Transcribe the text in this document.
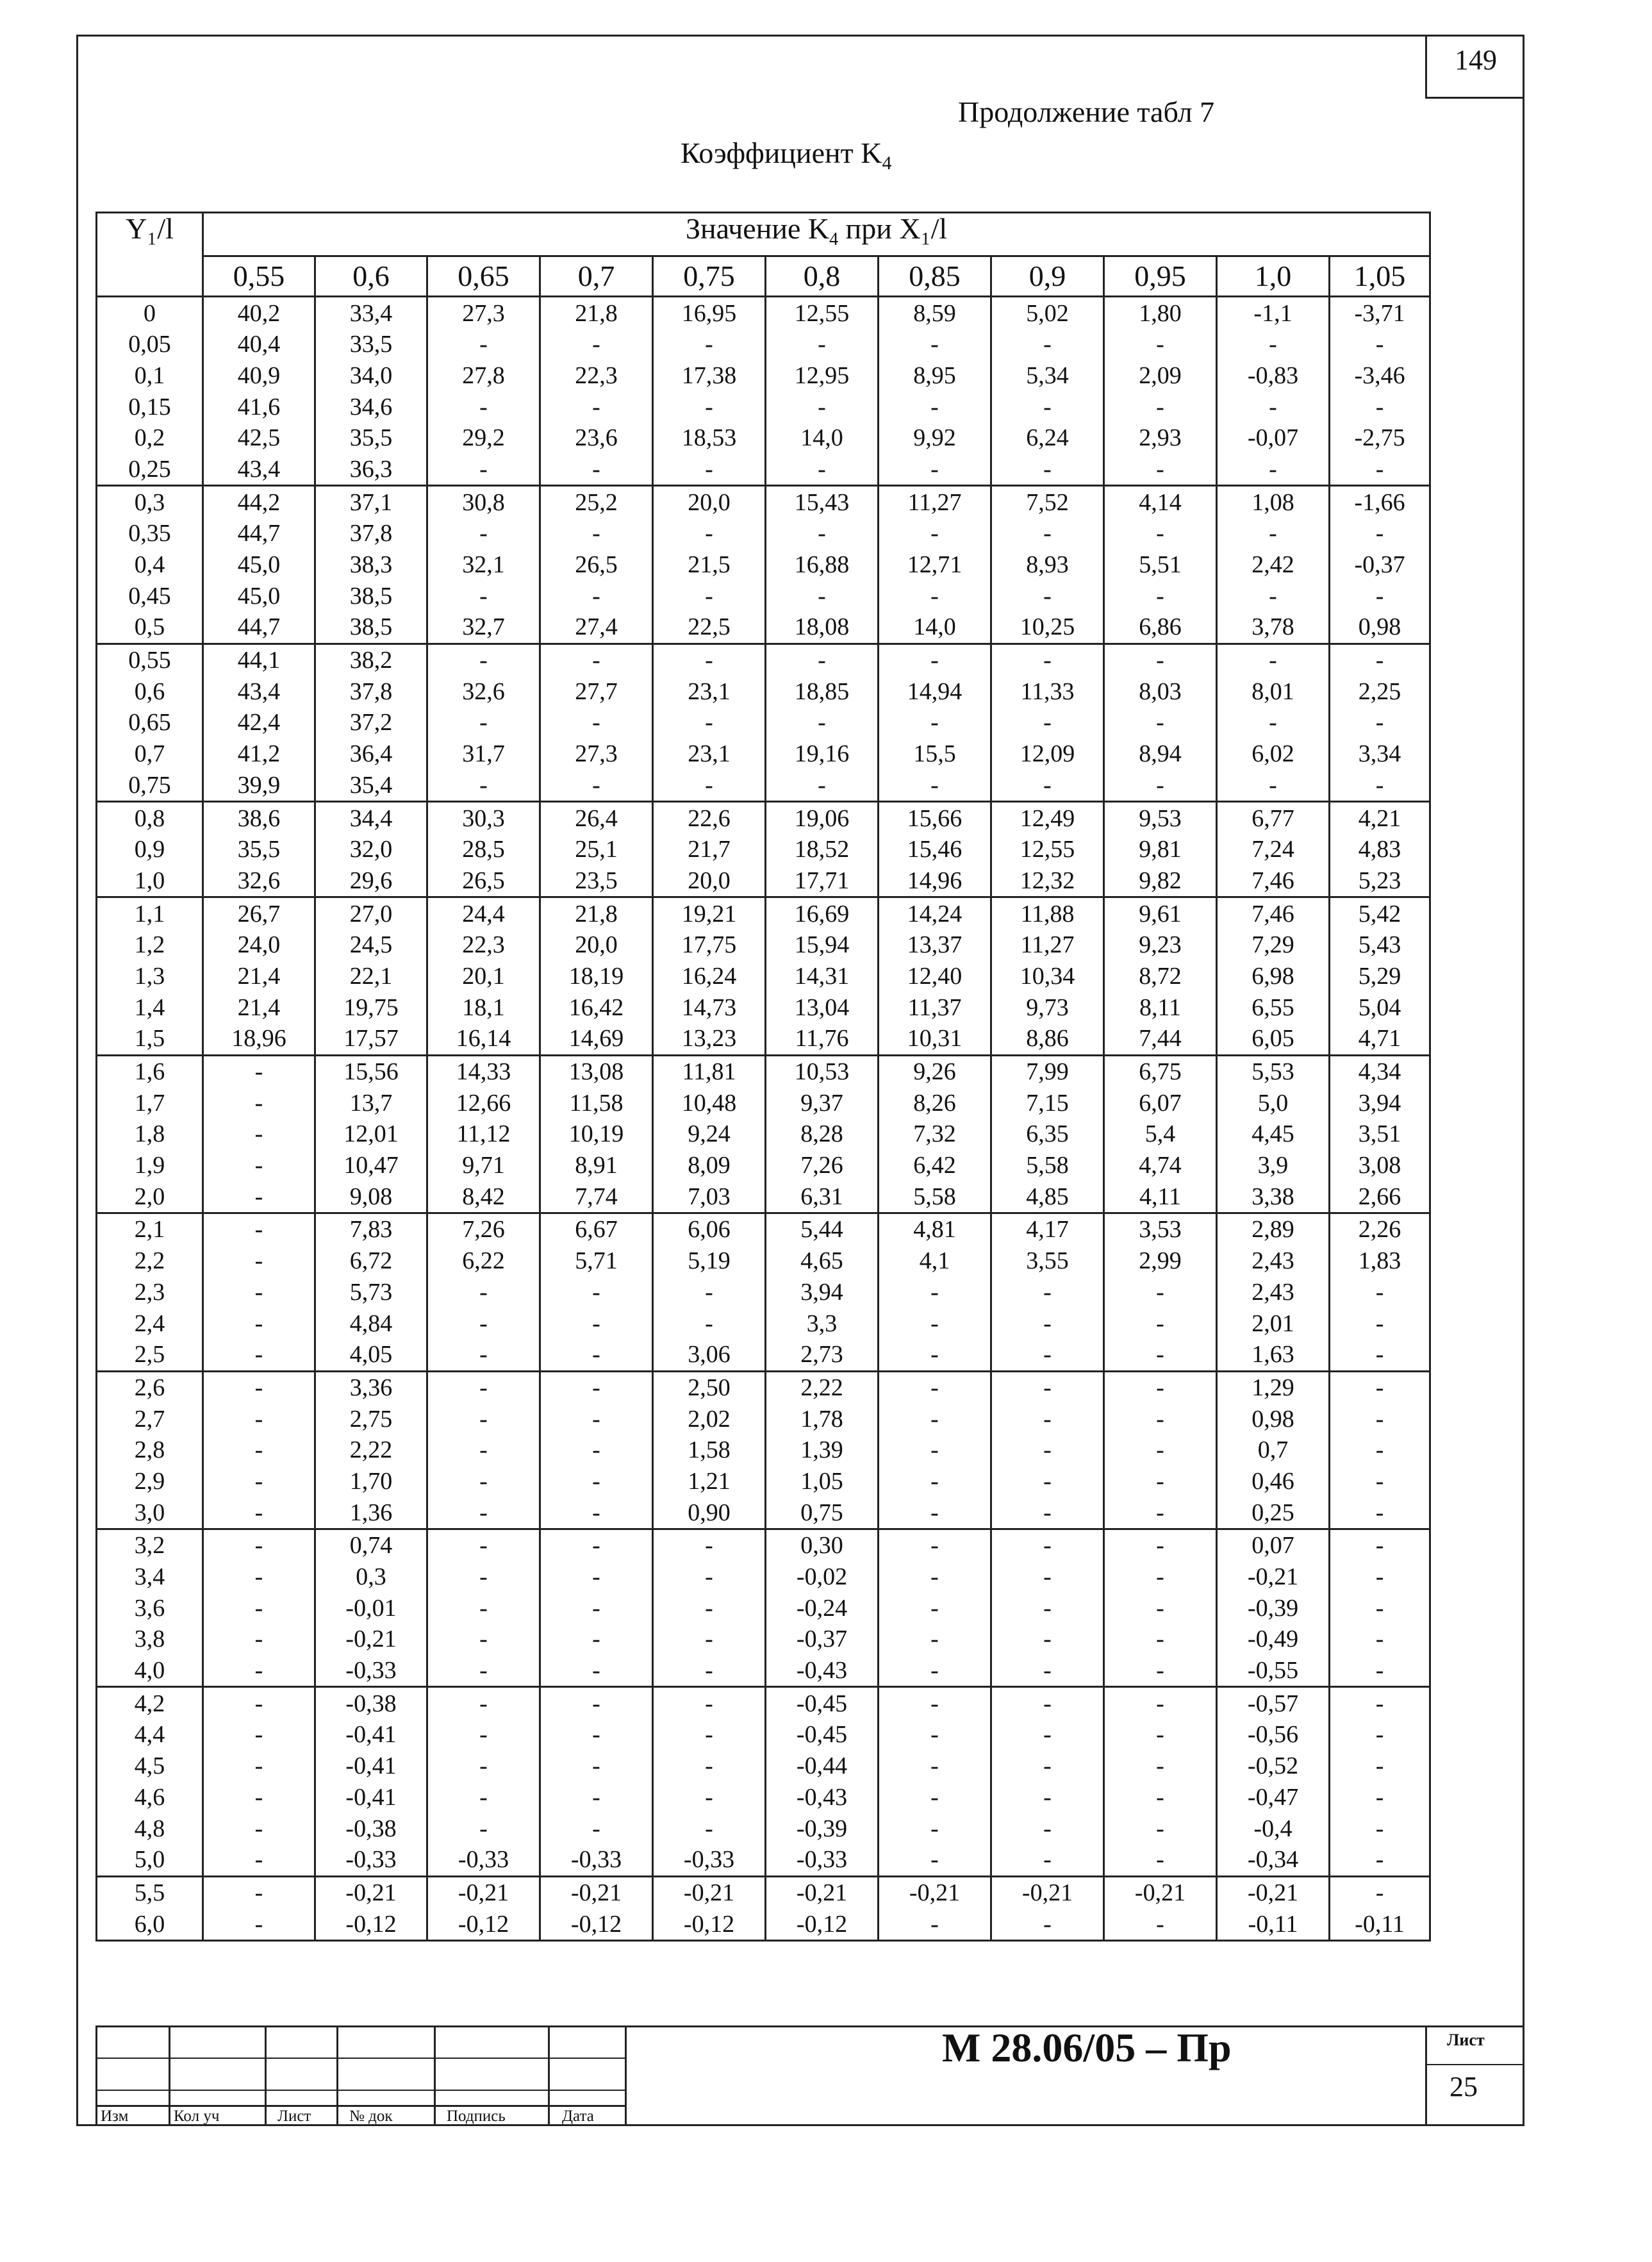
149
Продолжение табл 7
Коэффициент $K_4$
Y₁/l	Значение $K_4$ при X₁/l										
	0,55	0,6	0,65	0,7	0,75	0,8	0,85	0,9	0,95	1,0	1,05
0	40,2	33,4	27,3	21,8	16,95	12,55	8,59	5,02	1,80	-1,1	-3,71
0,05	40,4	33,5	-	-	-	-	-	-	-	-	-
0,1	40,9	34,0	27,8	22,3	17,38	12,95	8,95	5,34	2,09	-0,83	-3,46
0,15	41,6	34,6	-	-	-	-	-	-	-	-	-
0,2	42,5	35,5	29,2	23,6	18,53	14,0	9,92	6,24	2,93	-0,07	-2,75
0,25	43,4	36,3	-	-	-	-	-	-	-	-	-
0,3	44,2	37,1	30,8	25,2	20,0	15,43	11,27	7,52	4,14	1,08	-1,66
0,35	44,7	37,8	-	-	-	-	-	-	-	-	-
0,4	45,0	38,3	32,1	26,5	21,5	16,88	12,71	8,93	5,51	2,42	-0,37
0,45	45,0	38,5	-	-	-	-	-	-	-	-	-
0,5	44,7	38,5	32,7	27,4	22,5	18,08	14,0	10,25	6,86	3,78	0,98
0,55	44,1	38,2	-	-	-	-	-	-	-	-	-
0,6	43,4	37,8	32,6	27,7	23,1	18,85	14,94	11,33	8,03	8,01	2,25
0,65	42,4	37,2	-	-	-	-	-	-	-	-	-
0,7	41,2	36,4	31,7	27,3	23,1	19,16	15,5	12,09	8,94	6,02	3,34
0,75	39,9	35,4	-	-	-	-	-	-	-	-	-
0,8	38,6	34,4	30,3	26,4	22,6	19,06	15,66	12,49	9,53	6,77	4,21
0,9	35,5	32,0	28,5	25,1	21,7	18,52	15,46	12,55	9,81	7,24	4,83
1,0	32,6	29,6	26,5	23,5	20,0	17,71	14,96	12,32	9,82	7,46	5,23
1,1	26,7	27,0	24,4	21,8	19,21	16,69	14,24	11,88	9,61	7,46	5,42
1,2	24,0	24,5	22,3	20,0	17,75	15,94	13,37	11,27	9,23	7,29	5,43
1,3	21,4	22,1	20,1	18,19	16,24	14,31	12,40	10,34	8,72	6,98	5,29
1,4	21,4	19,75	18,1	16,42	14,73	13,04	11,37	9,73	8,11	6,55	5,04
1,5	18,96	17,57	16,14	14,69	13,23	11,76	10,31	8,86	7,44	6,05	4,71
1,6	-	15,56	14,33	13,08	11,81	10,53	9,26	7,99	6,75	5,53	4,34
1,7	-	13,7	12,66	11,58	10,48	9,37	8,26	7,15	6,07	5,0	3,94
1,8	-	12,01	11,12	10,19	9,24	8,28	7,32	6,35	5,4	4,45	3,51
1,9	-	10,47	9,71	8,91	8,09	7,26	6,42	5,58	4,74	3,9	3,08
2,0	-	9,08	8,42	7,74	7,03	6,31	5,58	4,85	4,11	3,38	2,66
2,1	-	7,83	7,26	6,67	6,06	5,44	4,81	4,17	3,53	2,89	2,26
2,2	-	6,72	6,22	5,71	5,19	4,65	4,1	3,55	2,99	2,43	1,83
2,3	-	5,73	-	-	-	3,94	-	-	-	2,43	-
2,4	-	4,84	-	-	-	3,3	-	-	-	2,01	-
2,5	-	4,05	-	-	3,06	2,73	-	-	-	1,63	-
2,6	-	3,36	-	-	2,50	2,22	-	-	-	1,29	-
2,7	-	2,75	-	-	2,02	1,78	-	-	-	0,98	-
2,8	-	2,22	-	-	1,58	1,39	-	-	-	0,7	-
2,9	-	1,70	-	-	1,21	1,05	-	-	-	0,46	-
3,0	-	1,36	-	-	0,90	0,75	-	-	-	0,25	-
3,2	-	0,74	-	-	-	0,30	-	-	-	0,07	-
3,4	-	0,3	-	-	-	-0,02	-	-	-	-0,21	-
3,6	-	-0,01	-	-	-	-0,24	-	-	-	-0,39	-
3,8	-	-0,21	-	-	-	-0,37	-	-	-	-0,49	-
4,0	-	-0,33	-	-	-	-0,43	-	-	-	-0,55	-
4,2	-	-0,38	-	-	-	-0,45	-	-	-	-0,57	-
4,4	-	-0,41	-	-	-	-0,45	-	-	-	-0,56	-
4,5	-	-0,41	-	-	-	-0,44	-	-	-	-0,52	-
4,6	-	-0,41	-	-	-	-0,43	-	-	-	-0,47	-
4,8	-	-0,38	-	-	-	-0,39	-	-	-	-0,4	-
5,0	-	-0,33	-0,33	-0,33	-0,33	-0,33	-	-	-	-0,34	-
5,5	-	-0,21	-0,21	-0,21	-0,21	-0,21	-0,21	-0,21	-0,21	-0,21	-
6,0	-	-0,12	-0,12	-0,12	-0,12	-0,12	-	-	-	-0,11	-0,11
Изм	Кол уч	Лист № док	Подпись	Дата
М 28.06/05 – Пр	Лист
25
